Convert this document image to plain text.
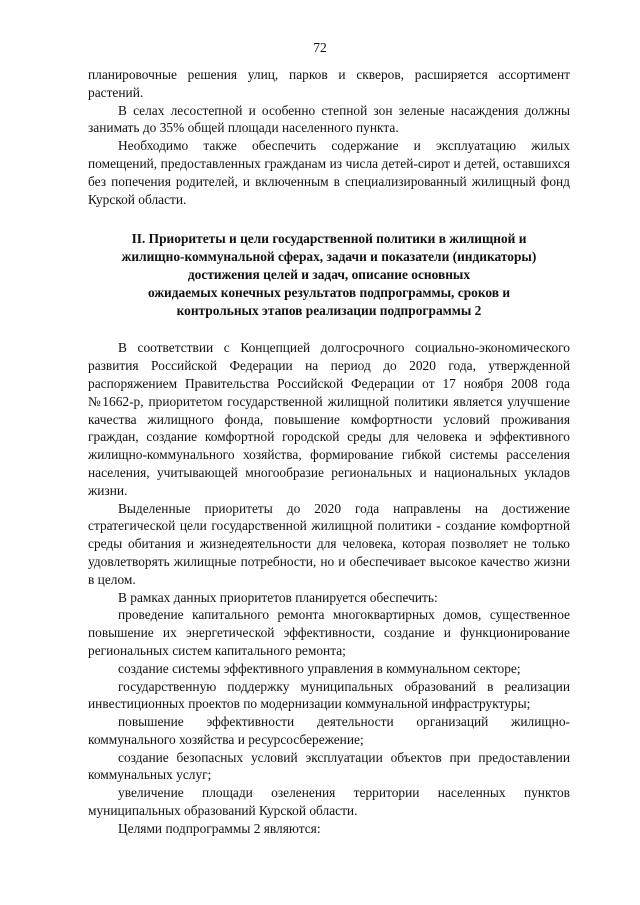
72

планировочные решения улиц, парков и скверов, расширяется ассортимент растений.

В селах лесостепной и особенно степной зон зеленые насаждения должны занимать до 35% общей площади населенного пункта.

Необходимо также обеспечить содержание и эксплуатацию жилых помещений, предоставленных гражданам из числа детей-сирот и детей, оставшихся без попечения родителей, и включенным в специализированный жилищный фонд Курской области.

II. Приоритеты и цели государственной политики в жилищной и
жилищно-коммунальной сферах, задачи и показатели (индикаторы)
достижения целей и задач, описание основных
ожидаемых конечных результатов подпрограммы, сроков и
контрольных этапов реализации подпрограммы 2

В соответствии с Концепцией долгосрочного социально-экономического развития Российской Федерации на период до 2020 года, утвержденной распоряжением Правительства Российской Федерации от 17 ноября 2008 года №1662-р, приоритетом государственной жилищной политики является улучшение качества жилищного фонда, повышение комфортности условий проживания граждан, создание комфортной городской среды для человека и эффективного жилищно-коммунального хозяйства, формирование гибкой системы расселения населения, учитывающей многообразие региональных и национальных укладов жизни.

Выделенные приоритеты до 2020 года направлены на достижение стратегической цели государственной жилищной политики - создание комфортной среды обитания и жизнедеятельности для человека, которая позволяет не только удовлетворять жилищные потребности, но и обеспечивает высокое качество жизни в целом.

В рамках данных приоритетов планируется обеспечить:

проведение капитального ремонта многоквартирных домов, существенное повышение их энергетической эффективности, создание и функционирование региональных систем капитального ремонта;

создание системы эффективного управления в коммунальном секторе;

государственную поддержку муниципальных образований в реализации инвестиционных проектов по модернизации коммунальной инфраструктуры;

повышение эффективности деятельности организаций жилищно-коммунального хозяйства и ресурсосбережение;

создание безопасных условий эксплуатации объектов при предоставлении коммунальных услуг;

увеличение площади озеленения территории населенных пунктов муниципальных образований Курской области.

Целями подпрограммы 2 являются:
